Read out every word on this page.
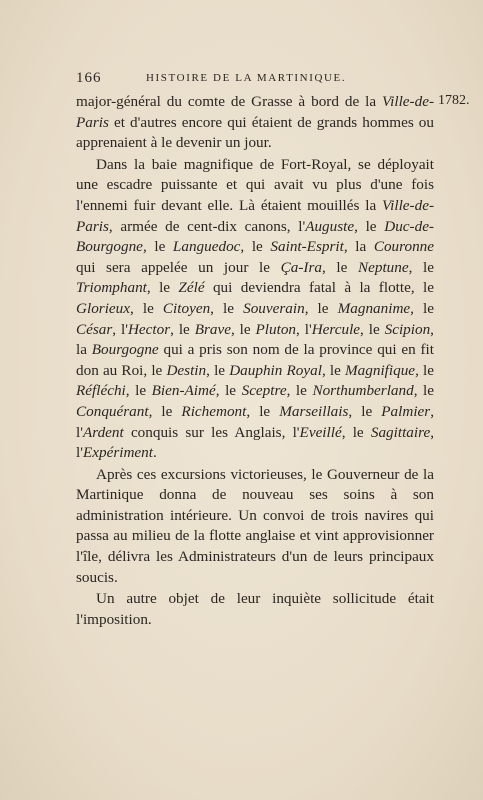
166	HISTOIRE DE LA MARTINIQUE.
1782.

major-général du comte de Grasse à bord de la Ville-de-Paris et d'autres encore qui étaient de grands hommes ou apprenaient à le devenir un jour.

Dans la baie magnifique de Fort-Royal, se déployait une escadre puissante et qui avait vu plus d'une fois l'ennemi fuir devant elle. Là étaient mouillés la Ville-de-Paris, armée de cent-dix canons, l'Auguste, le Duc-de-Bourgogne, le Languedoc, le Saint-Esprit, la Couronne qui sera appelée un jour le Ça-Ira, le Neptune, le Triomphant, le Zélé qui deviendra fatal à la flotte, le Glorieux, le Citoyen, le Souverain, le Magnanime, le César, l'Hector, le Brave, le Pluton, l'Hercule, le Scipion, la Bourgogne qui a pris son nom de la province qui en fit don au Roi, le Destin, le Dauphin Royal, le Magnifique, le Réfléchi, le Bien-Aimé, le Sceptre, le Northumberland, le Conquérant, le Richemont, le Marseillais, le Palmier, l'Ardent conquis sur les Anglais, l'Eveillé, le Sagittaire, l'Expériment.

Après ces excursions victorieuses, le Gouverneur de la Martinique donna de nouveau ses soins à son administration intérieure. Un convoi de trois navires qui passa au milieu de la flotte anglaise et vint approvisionner l'île, délivra les Administrateurs d'un de leurs principaux soucis.

Un autre objet de leur inquiète sollicitude était l'imposition.
